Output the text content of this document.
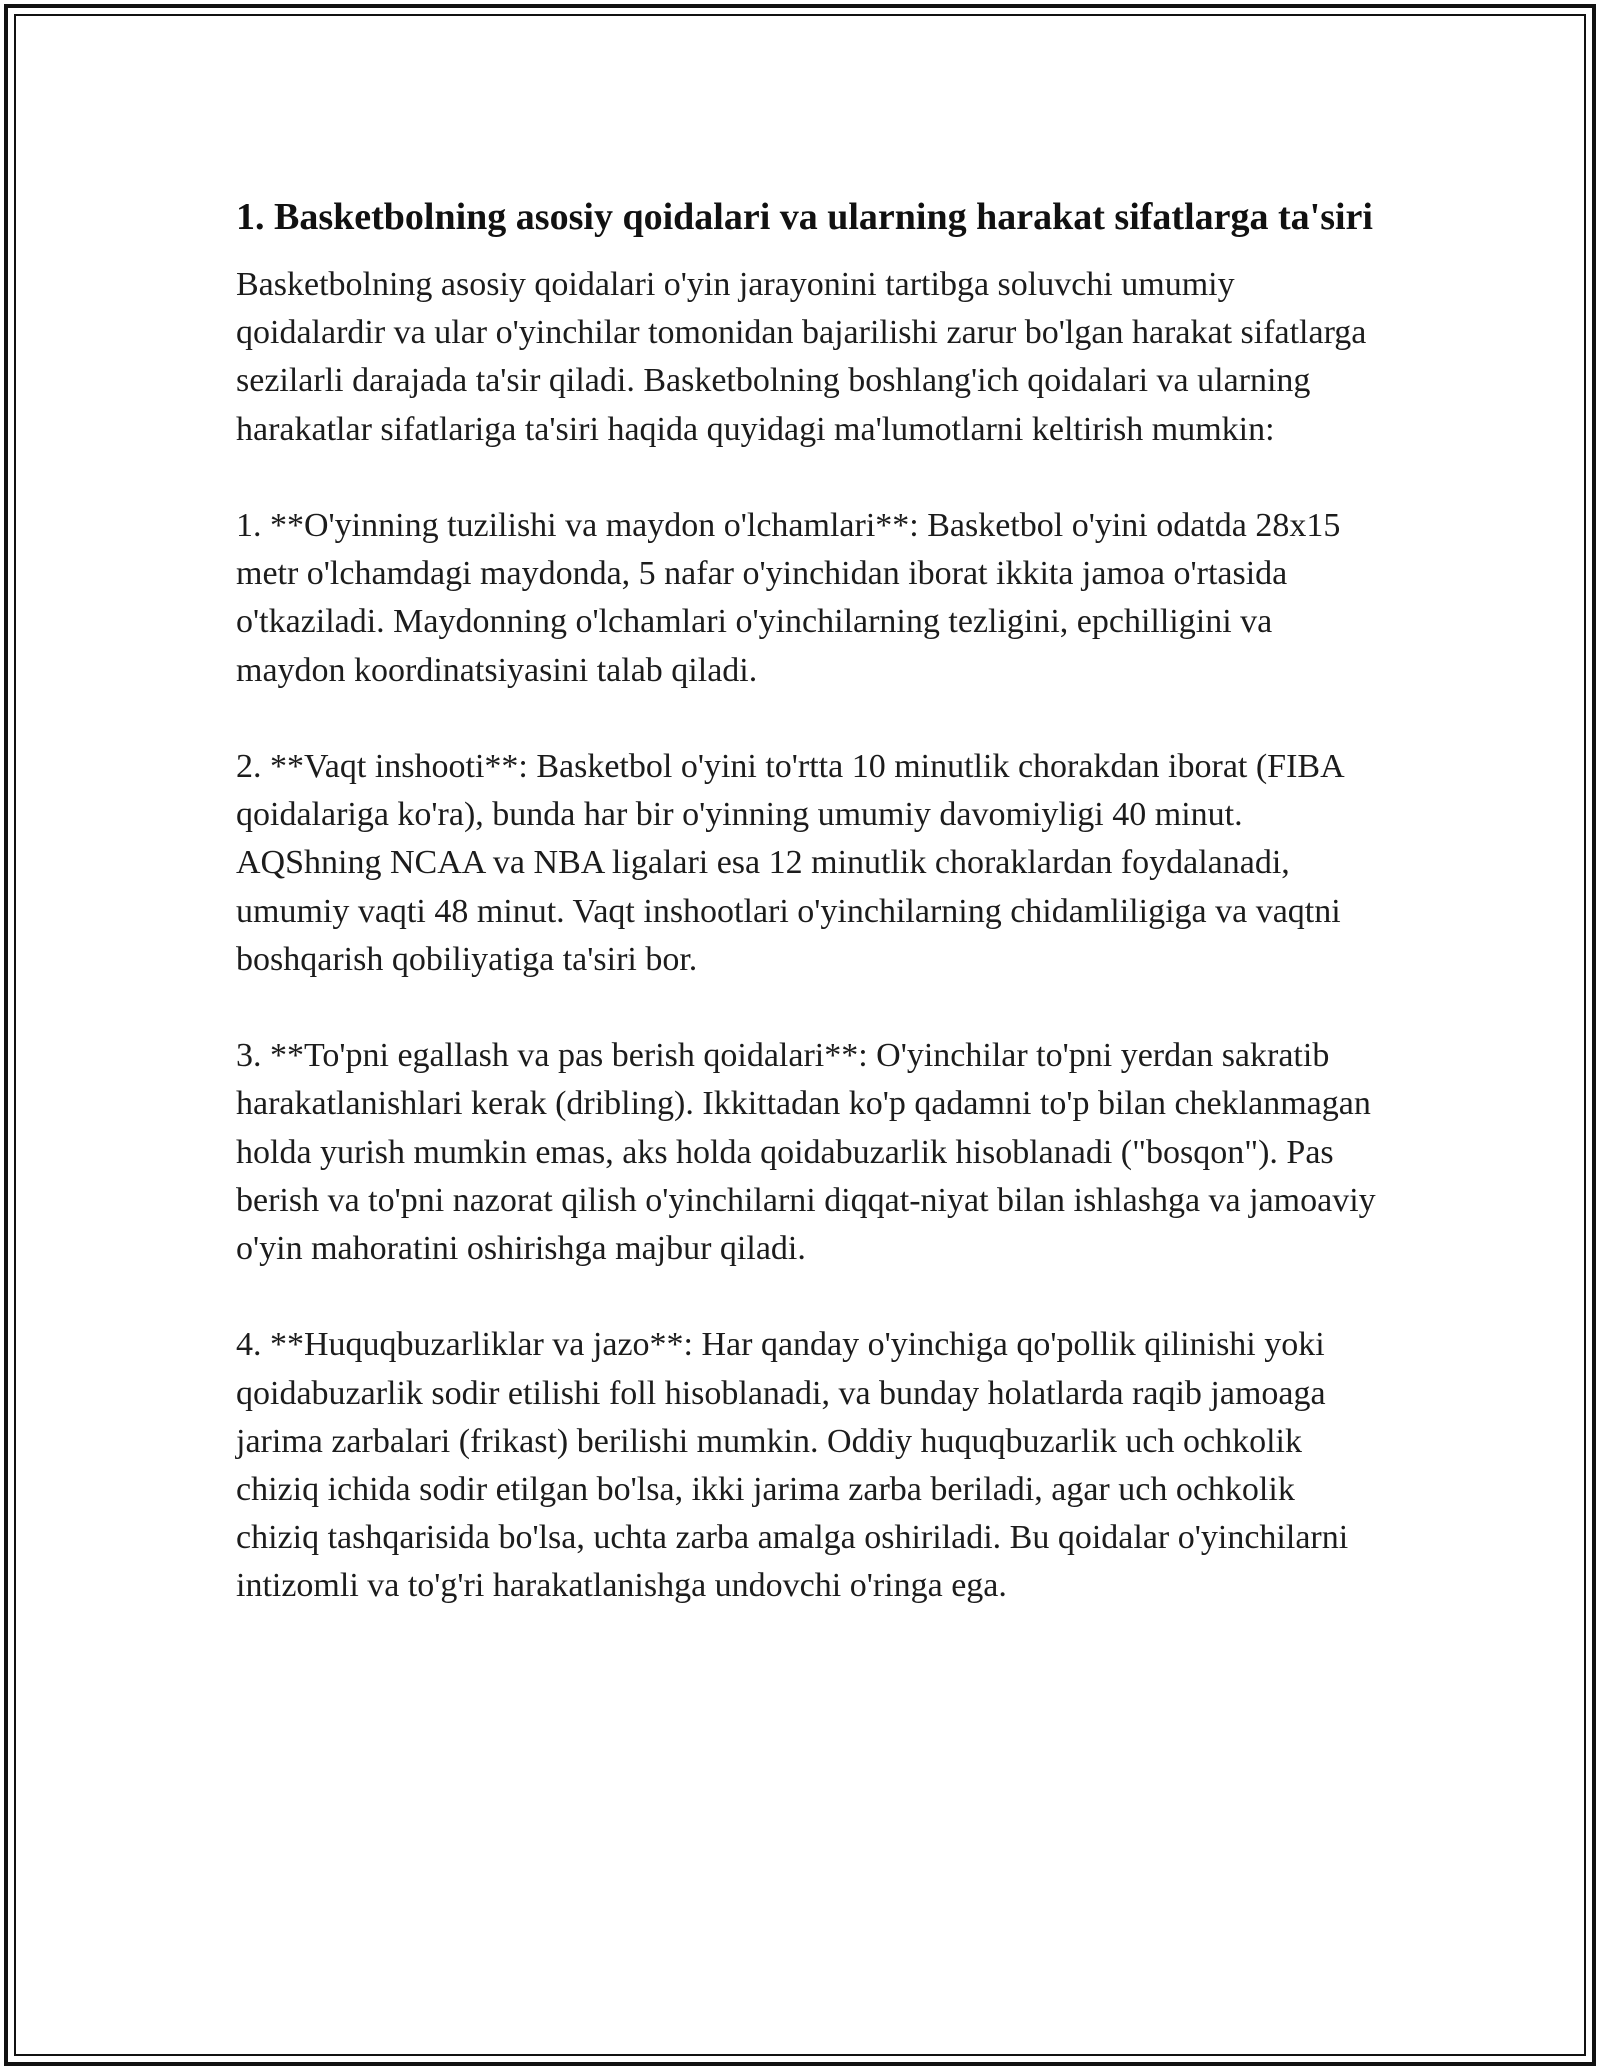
1. Basketbolning asosiy qoidalari va ularning harakat sifatlarga ta'siri

Basketbolning asosiy qoidalari o'yin jarayonini tartibga soluvchi umumiy qoidalardir va ular o'yinchilar tomonidan bajarilishi zarur bo'lgan harakat sifatlarga sezilarli darajada ta'sir qiladi. Basketbolning boshlang'ich qoidalari va ularning harakatlar sifatlariga ta'siri haqida quyidagi ma'lumotlarni keltirish mumkin:

1. **O'yinning tuzilishi va maydon o'lchamlari**: Basketbol o'yini odatda 28x15 metr o'lchamdagi maydonda, 5 nafar o'yinchidan iborat ikkita jamoa o'rtasida o'tkaziladi. Maydonning o'lchamlari o'yinchilarning tezligini, epchilligini va maydon koordinatsiyasini talab qiladi.

2. **Vaqt inshooti**: Basketbol o'yini to'rtta 10 minutlik chorakdan iborat (FIBA qoidalariga ko'ra), bunda har bir o'yinning umumiy davomiyligi 40 minut. AQShning NCAA va NBA ligalari esa 12 minutlik choraklardan foydalanadi, umumiy vaqti 48 minut. Vaqt inshootlari o'yinchilarning chidamliligiga va vaqtni boshqarish qobiliyatiga ta'siri bor.

3. **To'pni egallash va pas berish qoidalari**: O'yinchilar to'pni yerdan sakratib harakatlanishlari kerak (dribling). Ikkittadan ko'p qadamni to'p bilan cheklanmagan holda yurish mumkin emas, aks holda qoidabuzarlik hisoblanadi ("bosqon"). Pas berish va to'pni nazorat qilish o'yinchilarni diqqat-niyat bilan ishlashga va jamoaviy o'yin mahoratini oshirishga majbur qiladi.

4. **Huquqbuzarliklar va jazo**: Har qanday o'yinchiga qo'pollik qilinishi yoki qoidabuzarlik sodir etilishi foll hisoblanadi, va bunday holatlarda raqib jamoaga jarima zarbalari (frikast) berilishi mumkin. Oddiy huquqbuzarlik uch ochkolik chiziq ichida sodir etilgan bo'lsa, ikki jarima zarba beriladi, agar uch ochkolik chiziq tashqarisida bo'lsa, uchta zarba amalga oshiriladi. Bu qoidalar o'yinchilarni intizomli va to'g'ri harakatlanishga undovchi o'ringa ega.
